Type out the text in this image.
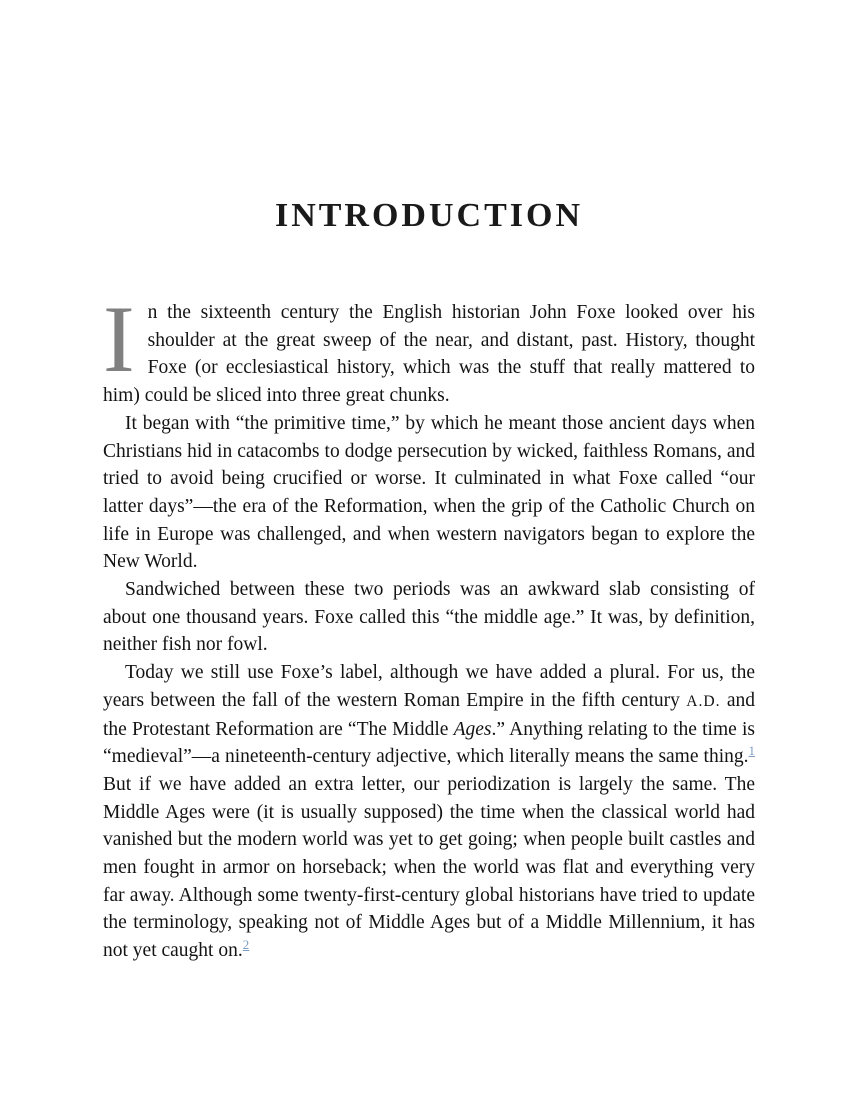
INTRODUCTION

In the sixteenth century the English historian John Foxe looked over his shoulder at the great sweep of the near, and distant, past. History, thought Foxe (or ecclesiastical history, which was the stuff that really mattered to him) could be sliced into three great chunks.

It began with “the primitive time,” by which he meant those ancient days when Christians hid in catacombs to dodge persecution by wicked, faithless Romans, and tried to avoid being crucified or worse. It culminated in what Foxe called “our latter days”—the era of the Reformation, when the grip of the Catholic Church on life in Europe was challenged, and when western navigators began to explore the New World.

Sandwiched between these two periods was an awkward slab consisting of about one thousand years. Foxe called this “the middle age.” It was, by definition, neither fish nor fowl.

Today we still use Foxe’s label, although we have added a plural. For us, the years between the fall of the western Roman Empire in the fifth century A.D. and the Protestant Reformation are “The Middle Ages.” Anything relating to the time is “medieval”—a nineteenth-century adjective, which literally means the same thing.$^1$ But if we have added an extra letter, our periodization is largely the same. The Middle Ages were (it is usually supposed) the time when the classical world had vanished but the modern world was yet to get going; when people built castles and men fought in armor on horseback; when the world was flat and everything very far away. Although some twenty-first-century global historians have tried to update the terminology, speaking not of Middle Ages but of a Middle Millennium, it has not yet caught on.$^2$
